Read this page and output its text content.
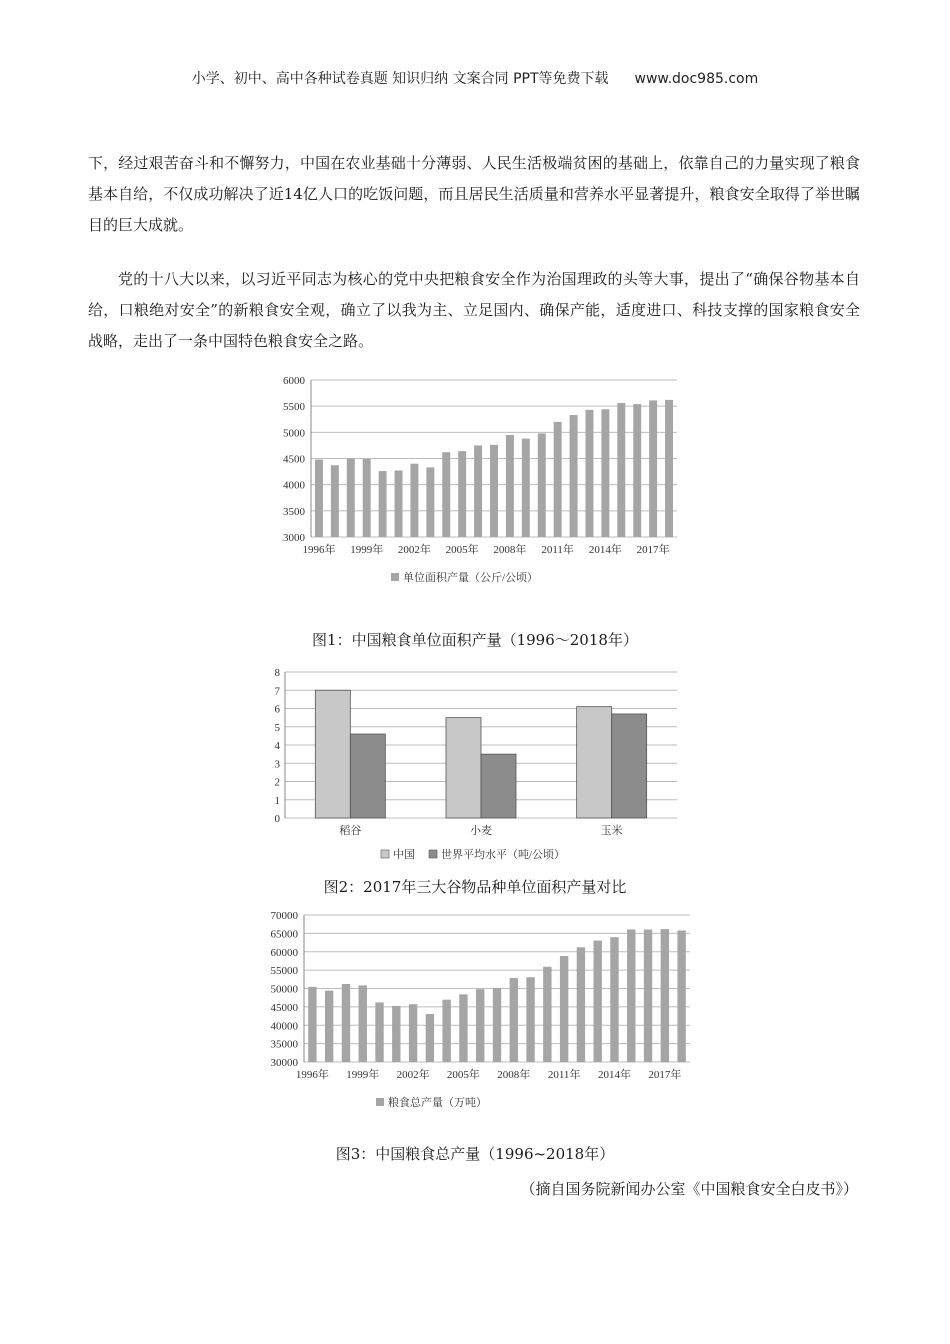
小学、初中、高中各种试卷真题 知识归纳 文案合同 PPT等免费下载 www.doc985.com

下，经过艰苦奋斗和不懈努力，中国在农业基础十分薄弱、人民生活极端贫困的基础上，依靠自己的力量实现了粮食基本自给，不仅成功解决了近14亿人口的吃饭问题，而且居民生活质量和营养水平显著提升，粮食安全取得了举世瞩目的巨大成就。

党的十八大以来，以习近平同志为核心的党中央把粮食安全作为治国理政的头等大事，提出了“确保谷物基本自给，口粮绝对安全”的新粮食安全观，确立了以我为主、立足国内、确保产能，适度进口、科技支撑的国家粮食安全战略，走出了一条中国特色粮食安全之路。

3000
3500
4000
4500
5000
5500
6000
1996年 1999年 2002年 2005年 2008年 2011年 2014年 2017年
单位面积产量（公斤/公顷）
图1：中国粮食单位面积产量（1996～2018年）
0
1
2
3
4
5
6
7
8
稻谷	小麦	玉米
中国 世界平均水平（吨/公顷）
图2：2017年三大谷物品种单位面积产量对比
30000
35000
40000
45000
50000
55000
60000
65000
70000
1996年 1999年 2002年 2005年 2008年 2011年 2014年 2017年
粮食总产量（万吨）
图3：中国粮食总产量（1996~2018年）
（摘自国务院新闻办公室《中国粮食安全白皮书》）
